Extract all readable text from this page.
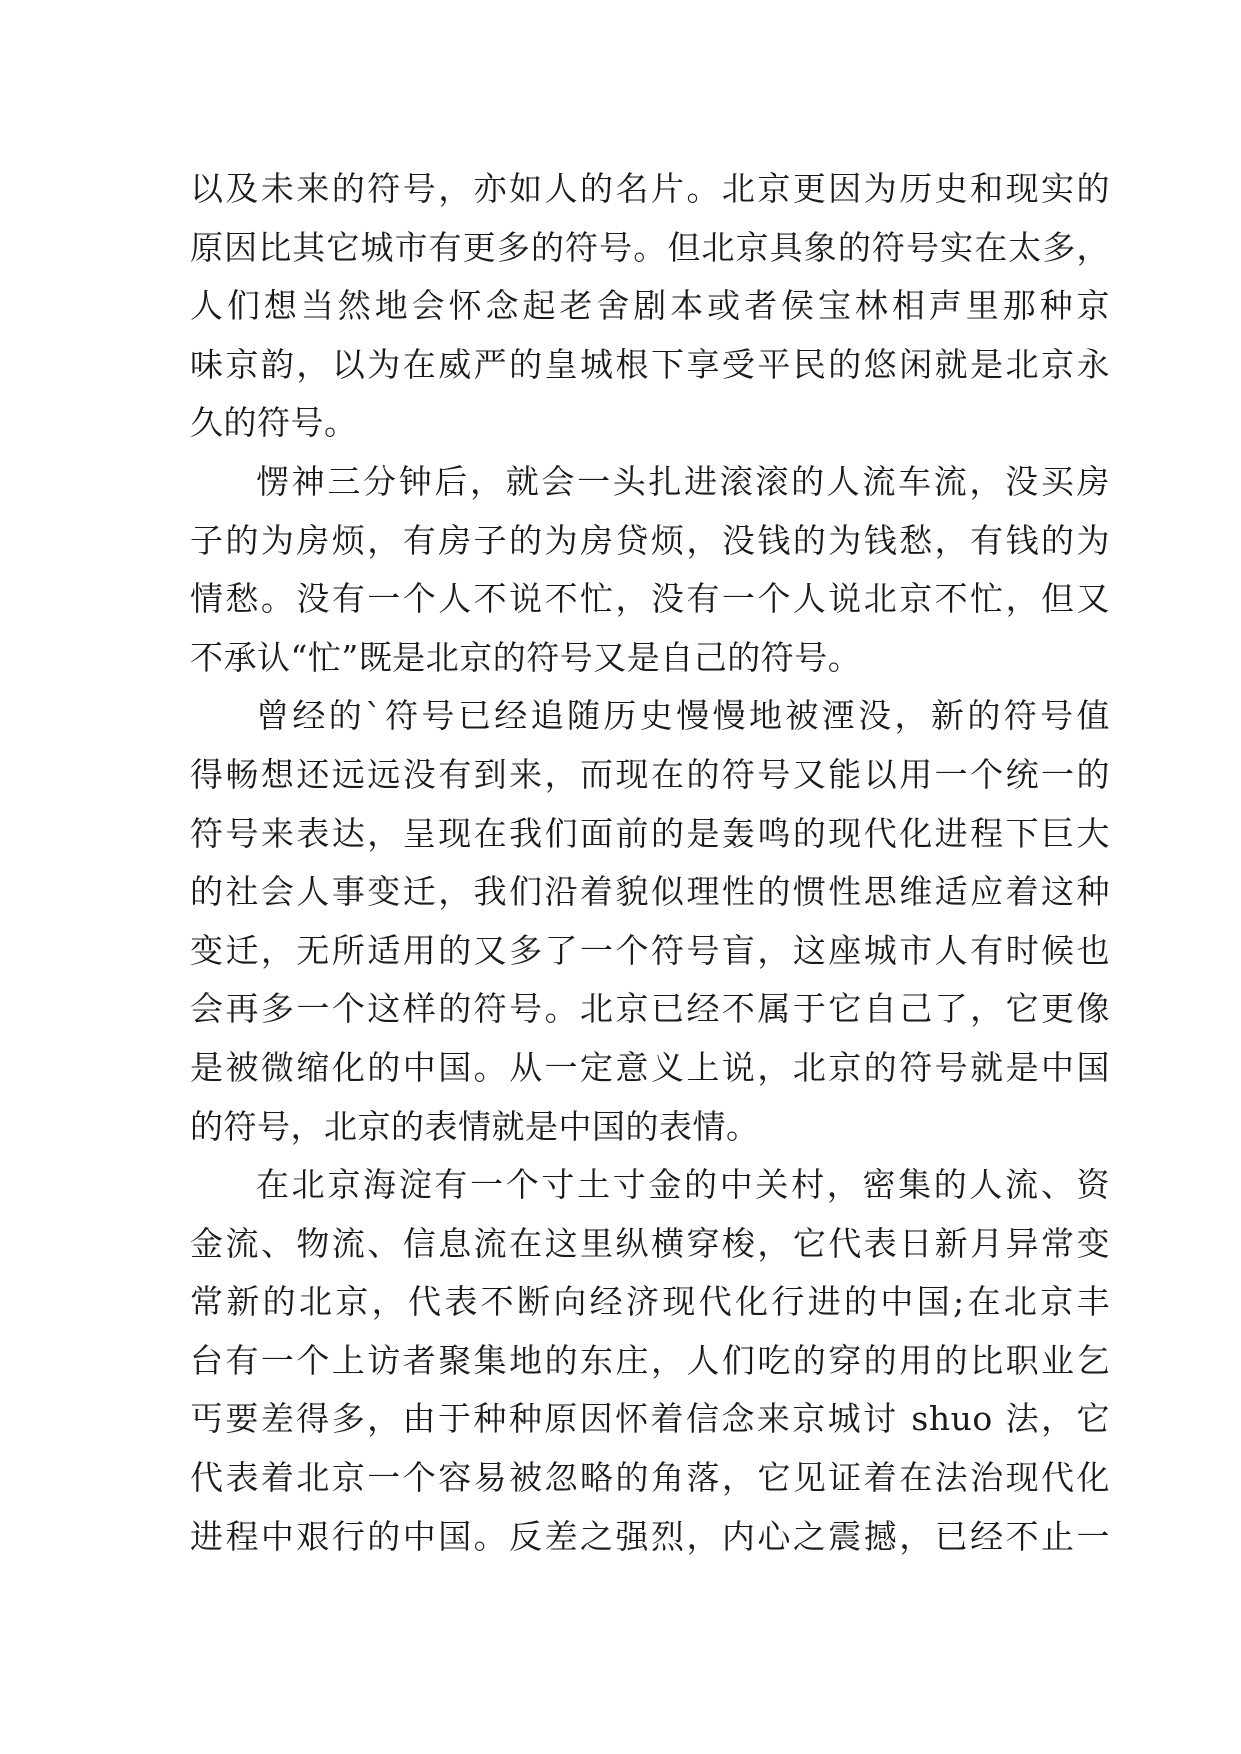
以及未来的符号，亦如人的名片。北京更因为历史和现实的
原因比其它城市有更多的符号。但北京具象的符号实在太多，
人们想当然地会怀念起老舍剧本或者侯宝林相声里那种京
味京韵，以为在威严的皇城根下享受平民的悠闲就是北京永
久的符号。
愣神三分钟后，就会一头扎进滚滚的人流车流，没买房
子的为房烦，有房子的为房贷烦，没钱的为钱愁，有钱的为
情愁。没有一个人不说不忙，没有一个人说北京不忙，但又
不承认“忙”既是北京的符号又是自己的符号。
曾经的`符号已经追随历史慢慢地被湮没，新的符号值
得畅想还远远没有到来，而现在的符号又能以用一个统一的
符号来表达，呈现在我们面前的是轰鸣的现代化进程下巨大
的社会人事变迁，我们沿着貌似理性的惯性思维适应着这种
变迁，无所适用的又多了一个符号盲，这座城市人有时候也
会再多一个这样的符号。北京已经不属于它自己了，它更像
是被微缩化的中国。从一定意义上说，北京的符号就是中国
的符号，北京的表情就是中国的表情。
在北京海淀有一个寸土寸金的中关村，密集的人流、资
金流、物流、信息流在这里纵横穿梭，它代表日新月异常变
常新的北京，代表不断向经济现代化行进的中国;在北京丰
台有一个上访者聚集地的东庄，人们吃的穿的用的比职业乞
丐要差得多，由于种种原因怀着信念来京城讨 shuo 法，它
代表着北京一个容易被忽略的角落，它见证着在法治现代化
进程中艰行的中国。反差之强烈，内心之震撼，已经不止一
